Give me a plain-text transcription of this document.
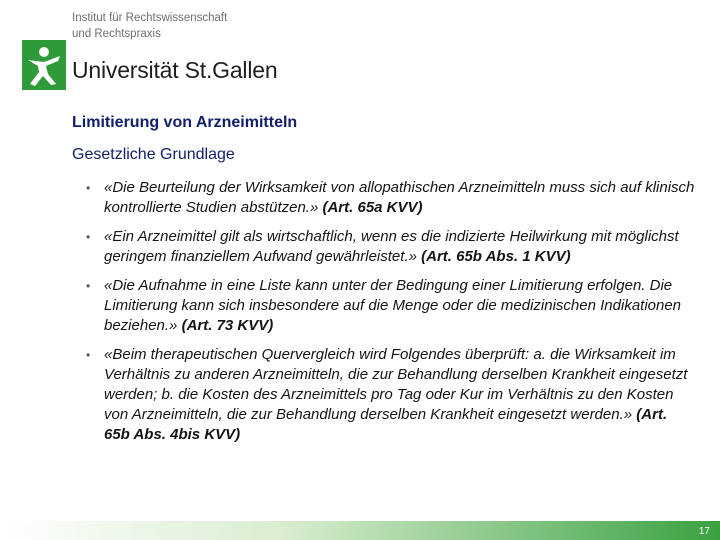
Institut für Rechtswissenschaft
und Rechtspraxis
Universität St.Gallen
Limitierung von Arzneimitteln
Gesetzliche Grundlage
• «Die Beurteilung der Wirksamkeit von allopathischen Arzneimitteln muss sich auf klinisch kontrollierte Studien abstützen.» (Art. 65a KVV)
• «Ein Arzneimittel gilt als wirtschaftlich, wenn es die indizierte Heilwirkung mit möglichst geringem finanziellem Aufwand gewährleistet.» (Art. 65b Abs. 1 KVV)
• «Die Aufnahme in eine Liste kann unter der Bedingung einer Limitierung erfolgen. Die Limitierung kann sich insbesondere auf die Menge oder die medizinischen Indikationen beziehen.» (Art. 73 KVV)
• «Beim therapeutischen Quervergleich wird Folgendes überprüft: a. die Wirksamkeit im Verhältnis zu anderen Arzneimitteln, die zur Behandlung derselben Krankheit eingesetzt werden; b. die Kosten des Arzneimittels pro Tag oder Kur im Verhältnis zu den Kosten von Arzneimitteln, die zur Behandlung derselben Krankheit eingesetzt werden.» (Art. 65b Abs. 4bis KVV)
17
